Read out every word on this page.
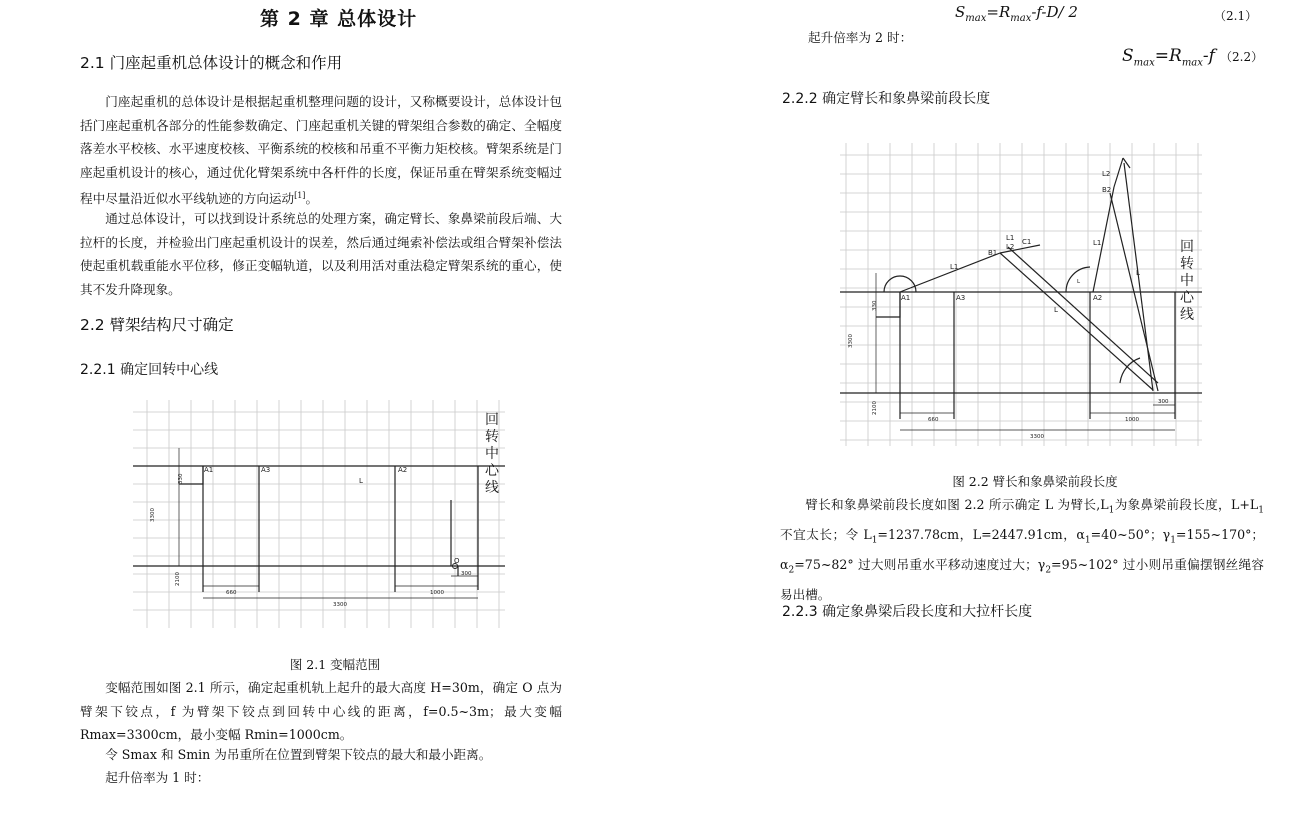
第 2 章 总体设计
2.1 门座起重机总体设计的概念和作用
门座起重机的总体设计是根据起重机整理问题的设计，又称概要设计，总体设计包括门座起重机各部分的性能参数确定、门座起重机关键的臂架组合参数的确定、全幅度落差水平校核、水平速度校核、平衡系统的校核和吊重不平衡力矩校核。臂架系统是门座起重机设计的核心，通过优化臂架系统中各杆件的长度，保证吊重在臂架系统变幅过程中尽量沿近似水平线轨迹的方向运动[1]。
通过总体设计，可以找到设计系统总的处理方案，确定臂长、象鼻梁前段后端、大拉杆的长度，并检验出门座起重机设计的误差，然后通过绳索补偿法或组合臂架补偿法使起重机载重能水平位移，修正变幅轨道，以及利用活对重法稳定臂架系统的重心，使其不发升降现象。
2.2 臂架结构尺寸确定
2.2.1 确定回转中心线
A1	A3	A2
L
O
660	1000
3300
300
330
3300
2100
回
转
中
心
线
图 2.1 变幅范围
变幅范围如图 2.1 所示，确定起重机轨上起升的最大高度 H=30m，确定 O 点为臂架下铰点，f 为臂架下铰点到回转中心线的距离，f=0.5~3m；最大变幅 Rmax=3300cm，最小变幅 Rmin=1000cm。
令 Smax 和 Smin 为吊重所在位置到臂架下铰点的最大和最小距离。
起升倍率为 1 时：
$S_{max}=R_{max}-f-D/$ 2	（2.1）
起升倍率为 2 时：
$S_{max}=R_{max}-f$ （2.2）
2.2.2 确定臂长和象鼻梁前段长度
A1	A3	A2
B1
B2
C1
L2
L2
L1
L1
L1
L
L
L
660	1000
3300
300
330
3300
2100
回
转
中
心
线
图 2.2 臂长和象鼻梁前段长度
臂长和象鼻梁前段长度如图 2.2 所示确定 L 为臂长$,L_1$为象鼻梁前段长度，$L+L_1$不宜太长；令 $L_1=1237.78cm$，L=2447.91cm，$\alpha_1=40\sim 50^\circ$；$\gamma_1=155\sim 170^\circ$；$\alpha_2=75\sim 82^\circ$ 过大则吊重水平移动速度过大；$\gamma_2=95\sim 102^\circ$ 过小则吊重偏摆钢丝绳容易出槽。
2.2.3 确定象鼻梁后段长度和大拉杆长度
